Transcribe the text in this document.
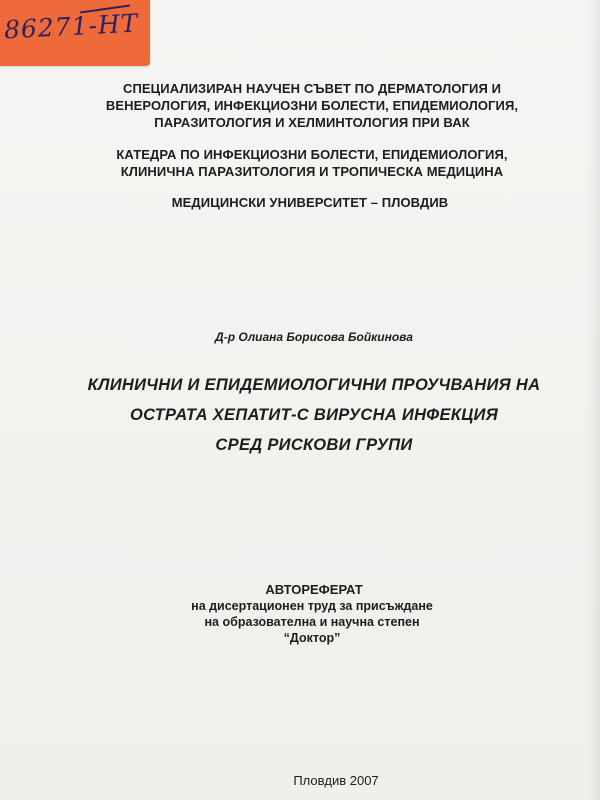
86271-НТ
СПЕЦИАЛИЗИРАН НАУЧЕН СЪВЕТ ПО ДЕРМАТОЛОГИЯ И
ВЕНЕРОЛОГИЯ, ИНФЕКЦИОЗНИ БОЛЕСТИ, ЕПИДЕМИОЛОГИЯ,
ПАРАЗИТОЛОГИЯ И ХЕЛМИНТОЛОГИЯ ПРИ ВАК
КАТЕДРА ПО ИНФЕКЦИОЗНИ БОЛЕСТИ, ЕПИДЕМИОЛОГИЯ,
КЛИНИЧНА ПАРАЗИТОЛОГИЯ И ТРОПИЧЕСКА МЕДИЦИНА
МЕДИЦИНСКИ УНИВЕРСИТЕТ – ПЛОВДИВ
Д-р Олиана Борисова Бойкинова
КЛИНИЧНИ И ЕПИДЕМИОЛОГИЧНИ ПРОУЧВАНИЯ НА
ОСТРАТА ХЕПАТИТ-С ВИРУСНА ИНФЕКЦИЯ
СРЕД РИСКОВИ ГРУПИ
АВТОРЕФЕРАТ
на дисертационен труд за присъждане
на образователна и научна степен
“Доктор”
Пловдив 2007
